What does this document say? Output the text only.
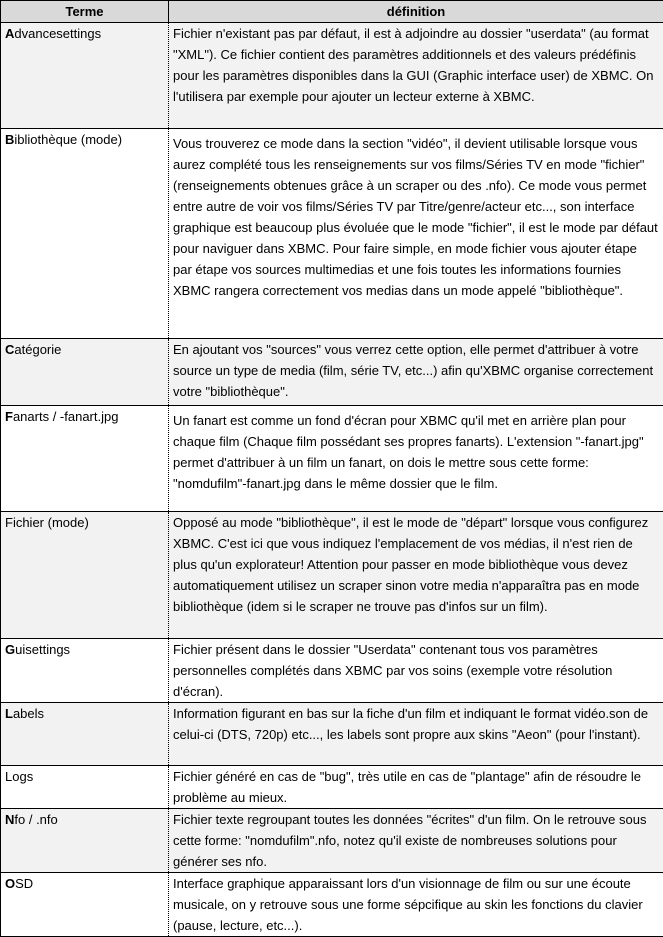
Terme	définition
Advancesettings	Fichier n'existant pas par défaut, il est à adjoindre au dossier "userdata" (au format "XML"). Ce fichier contient des paramètres additionnels et des valeurs prédéfinis pour les paramètres disponibles dans la GUI (Graphic interface user) de XBMC. On l'utilisera par exemple pour ajouter un lecteur externe à XBMC.
Bibliothèque (mode)	Vous trouverez ce mode dans la section "vidéo", il devient utilisable lorsque vous aurez complété tous les renseignements sur vos films/Séries TV en mode "fichier" (renseignements obtenues grâce à un scraper ou des .nfo). Ce mode vous permet entre autre de voir vos films/Séries TV par Titre/genre/acteur etc..., son interface graphique est beaucoup plus évoluée que le mode "fichier", il est le mode par défaut pour naviguer dans XBMC. Pour faire simple, en mode fichier vous ajouter étape par étape vos sources multimedias et une fois toutes les informations fournies XBMC rangera correctement vos medias dans un mode appelé "bibliothèque".
Catégorie	En ajoutant vos "sources" vous verrez cette option, elle permet d'attribuer à votre source un type de media (film, série TV, etc...) afin qu'XBMC organise correctement votre "bibliothèque".
Fanarts / -fanart.jpg	Un fanart est comme un fond d'écran pour XBMC qu'il met en arrière plan pour chaque film (Chaque film possédant ses propres fanarts). L'extension "-fanart.jpg" permet d'attribuer à un film un fanart, on dois le mettre sous cette forme: "nomdufilm"-fanart.jpg dans le même dossier que le film.
Fichier (mode)	Opposé au mode "bibliothèque", il est le mode de "départ" lorsque vous configurez XBMC. C'est ici que vous indiquez l'emplacement de vos médias, il n'est rien de plus qu'un explorateur! Attention pour passer en mode bibliothèque vous devez automatiquement utilisez un scraper sinon votre media n'apparaîtra pas en mode bibliothèque (idem si le scraper ne trouve pas d'infos sur un film).
Guisettings	Fichier présent dans le dossier "Userdata" contenant tous vos paramètres personnelles complétés dans XBMC par vos soins (exemple votre résolution d'écran).
Labels	Information figurant en bas sur la fiche d'un film et indiquant le format vidéo.son de celui-ci (DTS, 720p) etc..., les labels sont propre aux skins "Aeon" (pour l'instant).
Logs	Fichier généré en cas de "bug", très utile en cas de "plantage" afin de résoudre le problème au mieux.
Nfo / .nfo	Fichier texte regroupant toutes les données "écrites" d'un film. On le retrouve sous cette forme: "nomdufilm".nfo, notez qu'il existe de nombreuses solutions pour générer ses nfo.
OSD	Interface graphique apparaissant lors d'un visionnage de film ou sur une écoute musicale, on y retrouve sous une forme sépcifique au skin les fonctions du clavier (pause, lecture, etc...).
